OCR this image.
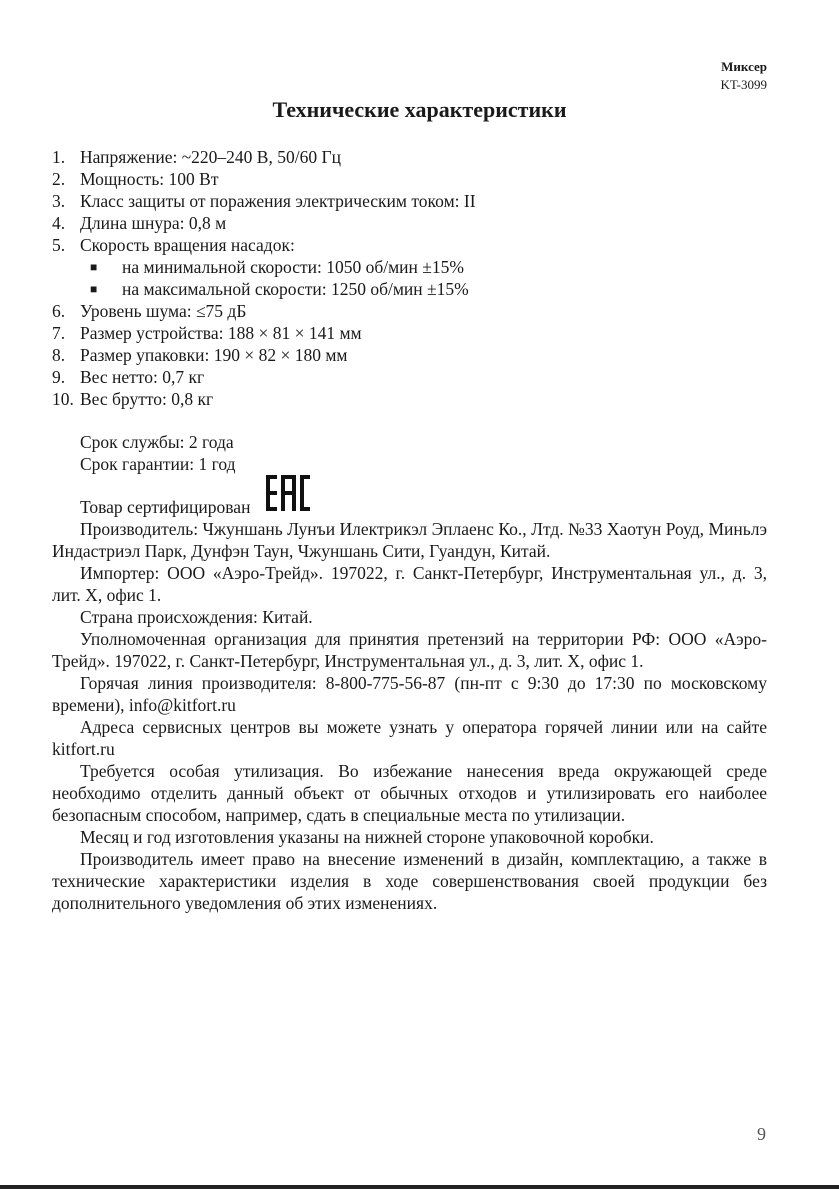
Миксер
KT-3099
Технические характеристики
1. Напряжение: ~220–240 В, 50/60 Гц
2. Мощность: 100 Вт
3. Класс защиты от поражения электрическим током: II
4. Длина шнура: 0,8 м
5. Скорость вращения насадок:
■ на минимальной скорости: 1050 об/мин ±15%
■ на максимальной скорости: 1250 об/мин ±15%
6. Уровень шума: ≤75 дБ
7. Размер устройства: 188 × 81 × 141 мм
8. Размер упаковки: 190 × 82 × 180 мм
9. Вес нетто: 0,7 кг
10. Вес брутто: 0,8 кг

Срок службы: 2 года

Срок гарантии: 1 год

Товар сертифицирован

Производитель: Чжуншань Лунъи Илектрикэл Эплаенс Ко., Лтд. №33 Хаотун Роуд, Миньлэ Индастриэл Парк, Дунфэн Таун, Чжуншань Сити, Гуандун, Китай.

Импортер: ООО «Аэро-Трейд». 197022, г. Санкт-Петербург, Инструментальная ул., д. 3, лит. Х, офис 1.

Страна происхождения: Китай.

Уполномоченная организация для принятия претензий на территории РФ: ООО «Аэро-Трейд». 197022, г. Санкт-Петербург, Инструментальная ул., д. 3, лит. Х, офис 1.

Горячая линия производителя: 8-800-775-56-87 (пн-пт с 9:30 до 17:30 по московскому времени), info@kitfort.ru

Адреса сервисных центров вы можете узнать у оператора горячей линии или на сайте kitfort.ru

Требуется особая утилизация. Во избежание нанесения вреда окружающей среде необходимо отделить данный объект от обычных отходов и утилизировать его наиболее безопасным способом, например, сдать в специальные места по утилизации.

Месяц и год изготовления указаны на нижней стороне упаковочной коробки.

Производитель имеет право на внесение изменений в дизайн, комплектацию, а также в технические характеристики изделия в ходе совершенствования своей продукции без дополнительного уведомления об этих изменениях.

9
